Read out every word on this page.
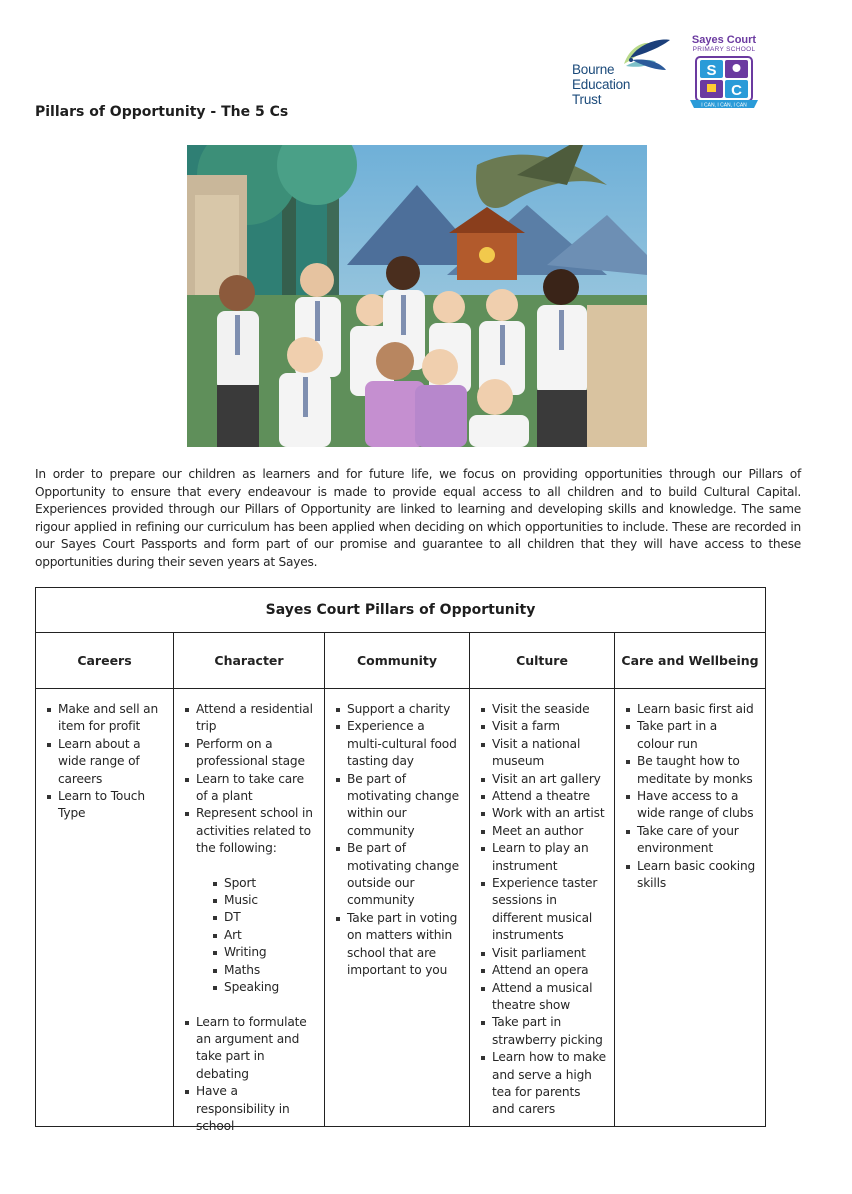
Bourne
Education
Trust
Sayes Court
PRIMARY SCHOOL
S
C
I CAN, I CAN, I CAN
Pillars of Opportunity - The 5 Cs
In order to prepare our children as learners and for future life, we focus on providing opportunities through our Pillars of Opportunity to ensure that every endeavour is made to provide equal access to all children and to build Cultural Capital. Experiences provided through our Pillars of Opportunity are linked to learning and developing skills and knowledge. The same rigour applied in refining our curriculum has been applied when deciding on which opportunities to include. These are recorded in our Sayes Court Passports and form part of our promise and guarantee to all children that they will have access to these opportunities during their seven years at Sayes.
Sayes Court Pillars of Opportunity
Careers
Make and sell an item for profit
Learn about a wide range of careers
Learn to Touch Type
Character
Attend a residential trip
Perform on a professional stage
Learn to take care of a plant
Represent school in activities related to the following:
Sport
Music
DT
Art
Writing
Maths
Speaking
Learn to formulate an argument and take part in debating
Have a responsibility in school
Community
Support a charity
Experience a multi-cultural food tasting day
Be part of motivating change within our community
Be part of motivating change outside our community
Take part in voting on matters within school that are important to you
Culture
Visit the seaside
Visit a farm
Visit a national museum
Visit an art gallery
Attend a theatre
Work with an artist
Meet an author
Learn to play an instrument
Experience taster sessions in different musical instruments
Visit parliament
Attend an opera
Attend a musical theatre show
Take part in strawberry picking
Learn how to make and serve a high tea for parents and carers
Care and Wellbeing
Learn basic first aid
Take part in a colour run
Be taught how to meditate by monks
Have access to a wide range of clubs
Take care of your environment
Learn basic cooking skills
